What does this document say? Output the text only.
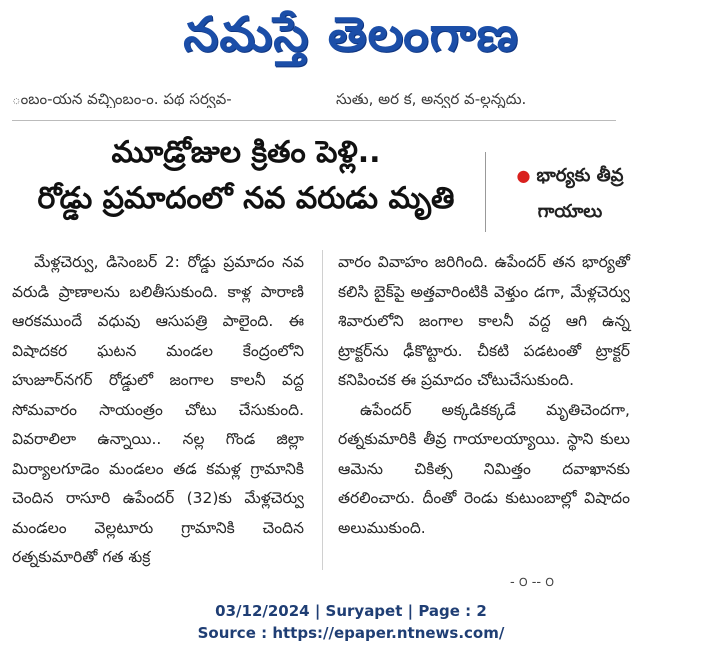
నమస్తే తెలంగాణ
ంబం-యన వచ్చింబం-ం. పథ సర్వవ-	సుతు, అర క, అన్వర వ-ల్గన్నదు.
మూడ్రోజుల క్రితం పెళ్లి..
రోడ్డు ప్రమాదంలో నవ వరుడు మృతి
● భార్యకు తీవ్ర
గాయాలు

మేళ్లచెర్వు, డిసెంబర్ 2: రోడ్డు ప్రమాదం నవ వరుడి ప్రాణాలను బలితీసుకుంది. కాళ్ల పారాణి ఆరకముందే వధువు ఆసుపత్రి పాలైంది. ఈ విషాదకర ఘటన మండల కేంద్రంలోని హుజూర్‌నగర్ రోడ్డులో జంగాల కాలనీ వద్ద సోమవారం సాయంత్రం చోటు చేసుకుంది. వివరాలిలా ఉన్నాయి.. నల్ల గొండ జిల్లా మిర్యాలగూడెం మండలం తడ కమళ్ల గ్రామానికి చెందిన రాసూరి ఉపేందర్ (32)కు మేళ్లచెర్వు మండలం వెల్లటూరు గ్రామానికి చెందిన రత్నకుమారితో గత శుక్ర

వారం వివాహం జరిగింది. ఉపేందర్ తన భార్యతో కలిసి బైక్‌పై అత్తవారింటికి వెళ్తుం డగా, మేళ్లచెర్వు శివారులోని జంగాల కాలనీ వద్ద ఆగి ఉన్న ట్రాక్టర్‌ను ఢీకొట్టారు. చీకటి పడటంతో ట్రాక్టర్ కనిపించక ఈ ప్రమాదం చోటుచేసుకుంది.

ఉపేందర్ అక్కడికక్కడే మృతిచెందగా, రత్నకుమారికి తీవ్ర గాయాలయ్యాయి. స్థాని కులు ఆమెను చికిత్స నిమిత్తం దవాఖానకు తరలించారు. దీంతో రెండు కుటుంబాల్లో విషాదం అలుముకుంది.

- ౦ -- ౦
03/12/2024 | Suryapet | Page : 2
Source : https://epaper.ntnews.com/
